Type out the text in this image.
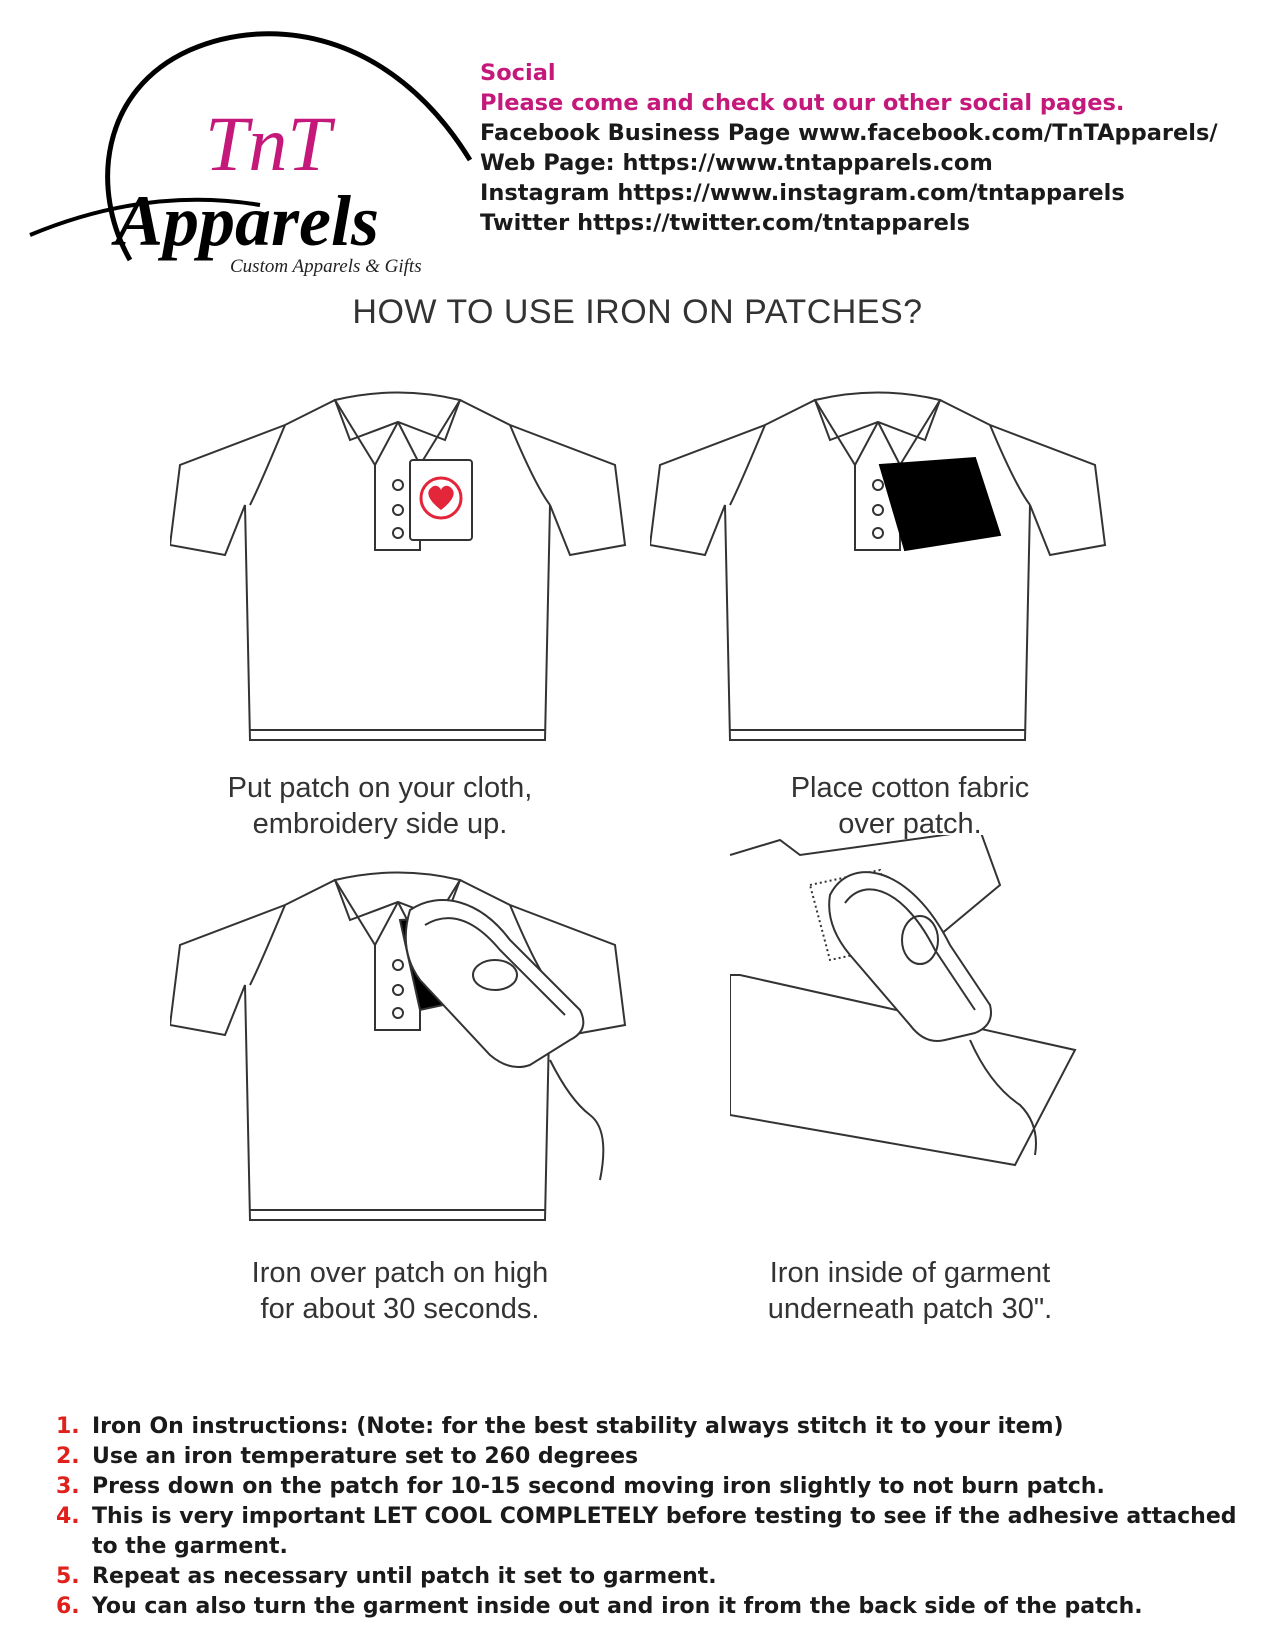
TnT
Apparels
Custom Apparels & Gifts
Social
Please come and check out our other social pages.
Facebook Business Page www.facebook.com/TnTApparels/
Web Page: https://www.tntapparels.com
Instagram https://www.instagram.com/tntapparels
Twitter https://twitter.com/tntapparels
HOW TO USE IRON ON PATCHES?
Put patch on your cloth,
embroidery side up.
Place cotton fabric
over patch.
Iron over patch on high
for about 30 seconds.
Iron inside of garment
underneath patch 30".
1. Iron On instructions: (Note: for the best stability always stitch it to your item)
2. Use an iron temperature set to 260 degrees
3. Press down on the patch for 10-15 second moving iron slightly to not burn patch.
4. This is very important LET COOL COMPLETELY before testing to see if the adhesive attached to the garment.
5. Repeat as necessary until patch it set to garment.
6. You can also turn the garment inside out and iron it from the back side of the patch.
